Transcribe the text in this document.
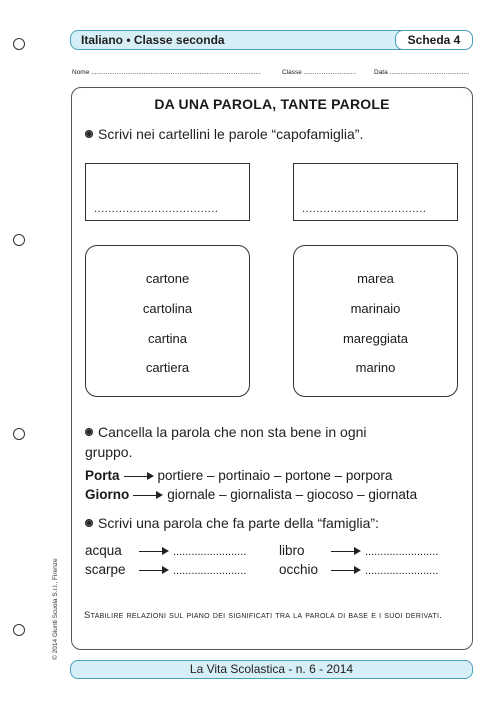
Italiano • Classe seconda	Scheda 4
Nome ..............................................................................................	Classe .............................	Data ............................................
DA UNA PAROLA, TANTE PAROLE
Scrivi nei cartellini le parole “capofamiglia”.
...................................	...................................
cartone
cartolina
cartina
cartiera
marea
marinaio
mareggiata
marino
Cancella la parola che non sta bene in ogni
gruppo.
Porta	portiere – portinaio – portone – porpora
Giorno	giornale – giornalista – giocoso – giornata
Scrivi una parola che fa parte della “famiglia”:
acqua	........................ libro	........................
scarpe	........................ occhio	........................
Stabilire relazioni sul piano dei significati tra la parola di base e i suoi derivati.
© 2014 Giunti Scuola S.r.l., Firenze
La Vita Scolastica - n. 6 - 2014
